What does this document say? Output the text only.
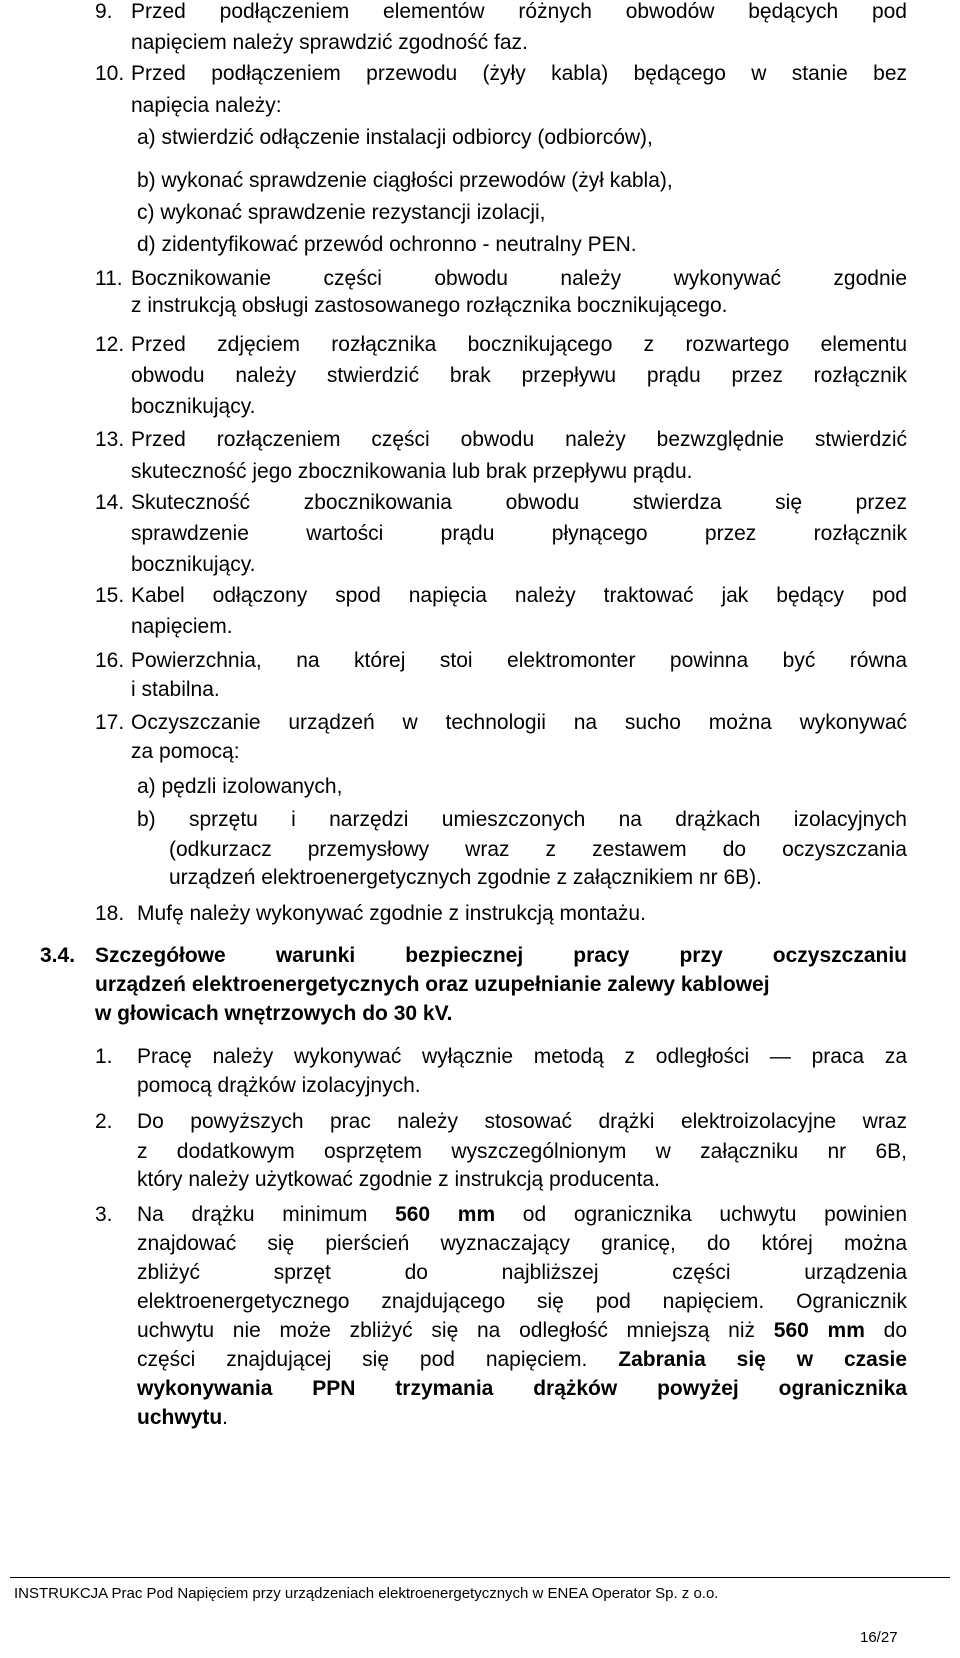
9. Przed podłączeniem elementów różnych obwodów będących pod
napięciem należy sprawdzić zgodność faz.
10. Przed podłączeniem przewodu (żyły kabla) będącego w stanie bez
napięcia należy:
a) stwierdzić odłączenie instalacji odbiorcy (odbiorców),
b) wykonać sprawdzenie ciągłości przewodów (żył kabla),
c) wykonać sprawdzenie rezystancji izolacji,
d) zidentyfikować przewód ochronno - neutralny PEN.
11. Bocznikowanie części obwodu należy wykonywać zgodnie
z instrukcją obsługi zastosowanego rozłącznika bocznikującego.
12. Przed zdjęciem rozłącznika bocznikującego z rozwartego elementu
obwodu należy stwierdzić brak przepływu prądu przez rozłącznik
bocznikujący.
13. Przed rozłączeniem części obwodu należy bezwzględnie stwierdzić
skuteczność jego zbocznikowania lub brak przepływu prądu.
14. Skuteczność zbocznikowania obwodu stwierdza się przez
sprawdzenie wartości prądu płynącego przez rozłącznik
bocznikujący.
15. Kabel odłączony spod napięcia należy traktować jak będący pod
napięciem.
16. Powierzchnia, na której stoi elektromonter powinna być równa
i stabilna.
17. Oczyszczanie urządzeń w technologii na sucho można wykonywać
za pomocą:
a) pędzli izolowanych,
b) sprzętu i narzędzi umieszczonych na drążkach izolacyjnych
(odkurzacz przemysłowy wraz z zestawem do oczyszczania
urządzeń elektroenergetycznych zgodnie z załącznikiem nr 6B).
18. Mufę należy wykonywać zgodnie z instrukcją montażu.
3.4. Szczegółowe warunki bezpiecznej pracy przy oczyszczaniu
urządzeń elektroenergetycznych oraz uzupełnianie zalewy kablowej
w głowicach wnętrzowych do 30 kV.
1. Pracę należy wykonywać wyłącznie metodą z odległości — praca za
pomocą drążków izolacyjnych.
2. Do powyższych prac należy stosować drążki elektroizolacyjne wraz
z dodatkowym osprzętem wyszczególnionym w załączniku nr 6B,
który należy użytkować zgodnie z instrukcją producenta.
3. Na drążku minimum 560 mm od ogranicznika uchwytu powinien
znajdować się pierścień wyznaczający granicę, do której można
zbliżyć sprzęt do najbliższej części urządzenia
elektroenergetycznego znajdującego się pod napięciem. Ogranicznik
uchwytu nie może zbliżyć się na odległość mniejszą niż 560 mm do
części znajdującej się pod napięciem. Zabrania się w czasie
wykonywania PPN trzymania drążków powyżej ogranicznika
uchwytu.
INSTRUKCJA Prac Pod Napięciem przy urządzeniach elektroenergetycznych w ENEA Operator Sp. z o.o.
16/27
